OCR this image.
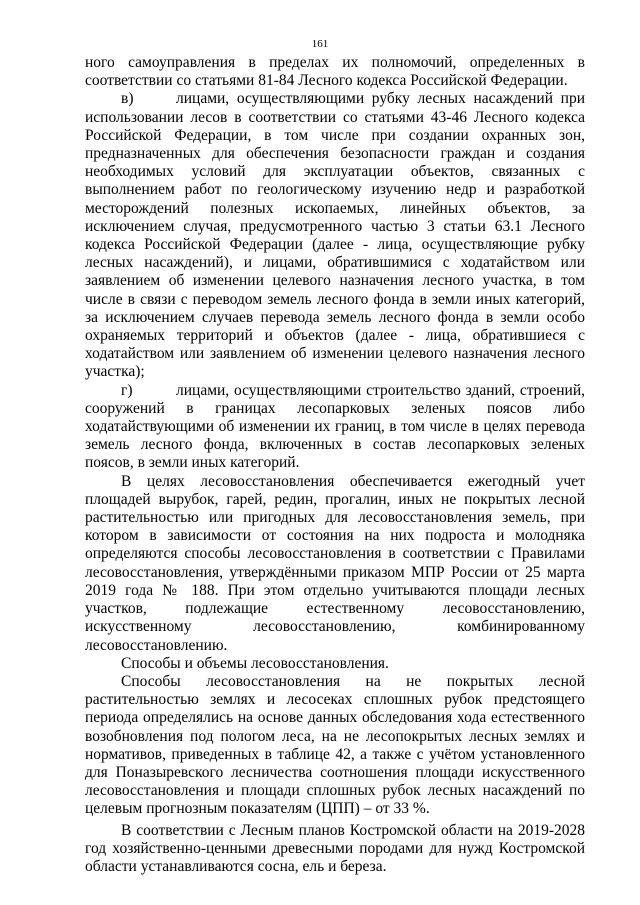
161

ного самоуправления в пределах их полномочий, определенных в соответствии со статьями 81-84 Лесного кодекса Российской Федерации.

в)	лицами, осуществляющими рубку лесных насаждений при использовании лесов в соответствии со статьями 43-46 Лесного кодекса Российской Федерации, в том числе при создании охранных зон, предназначенных для обеспечения безопасности граждан и создания необходимых условий для эксплуатации объектов, связанных с выполнением работ по геологическому изучению недр и разработкой месторождений полезных ископаемых, линейных объектов, за исключением случая, предусмотренного частью 3 статьи 63.1 Лесного кодекса Российской Федерации (далее - лица, осуществляющие рубку лесных насаждений), и лицами, обратившимися с ходатайством или заявлением об изменении целевого назначения лесного участка, в том числе в связи с переводом земель лесного фонда в земли иных категорий, за исключением случаев перевода земель лесного фонда в земли особо охраняемых территорий и объектов (далее - лица, обратившиеся с ходатайством или заявлением об изменении целевого назначения лесного участка);

г)	лицами, осуществляющими строительство зданий, строений, сооружений в границах лесопарковых зеленых поясов либо ходатайствующими об изменении их границ, в том числе в целях перевода земель лесного фонда, включенных в состав лесопарковых зеленых поясов, в земли иных категорий.

В целях лесовосстановления обеспечивается ежегодный учет площадей вырубок, гарей, редин, прогалин, иных не покрытых лесной растительностью или пригодных для лесовосстановления земель, при котором в зависимости от состояния на них подроста и молодняка определяются способы лесовосстановления в соответствии с Правилами лесовосстановления, утверждёнными приказом МПР России от 25 марта 2019 года № 188. При этом отдельно учитываются площади лесных участков, подлежащие естественному лесовосстановлению, искусственному лесовосстановлению, комбинированному лесовосстановлению.

Способы и объемы лесовосстановления.

Способы лесовосстановления на не покрытых лесной растительностью землях и лесосеках сплошных рубок предстоящего периода определялись на основе данных обследования хода естественного возобновления под пологом леса, на не лесопокрытых лесных землях и нормативов, приведенных в таблице 42, а также с учётом установленного для Поназыревского лесничества соотношения площади искусственного лесовосстановления и площади сплошных рубок лесных насаждений по целевым прогнозным показателям (ЦПП) – от 33 %.

В соответствии с Лесным планов Костромской области на 2019-2028 год хозяйственно-ценными древесными породами для нужд Костромской области устанавливаются сосна, ель и береза.
